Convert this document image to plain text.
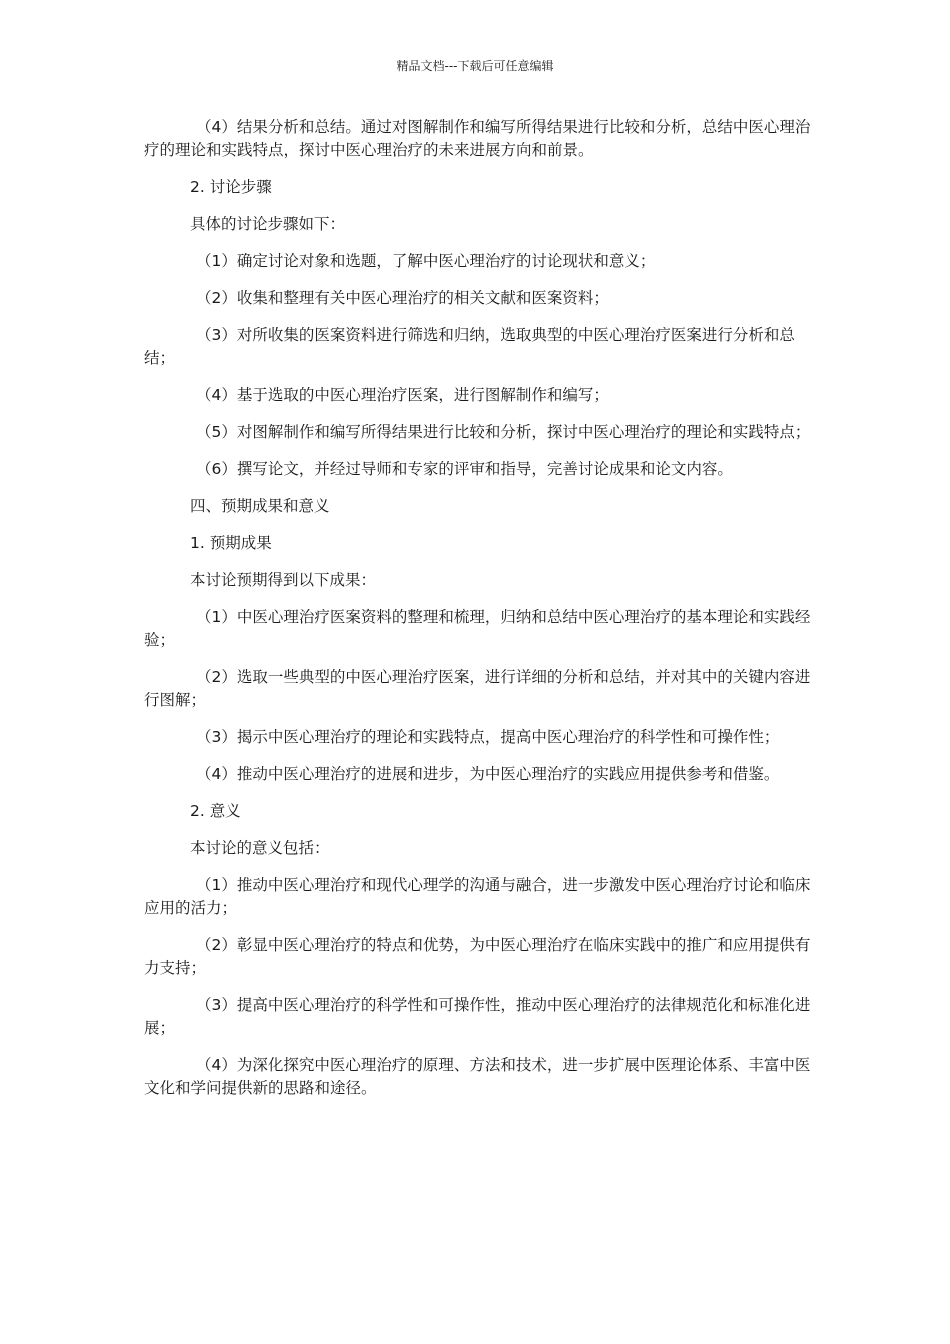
精品文档---下载后可任意编辑

（4）结果分析和总结。通过对图解制作和编写所得结果进行比较和分析，总结中医心理治疗的理论和实践特点，探讨中医心理治疗的未来进展方向和前景。

2. 讨论步骤

具体的讨论步骤如下：

（1）确定讨论对象和选题，了解中医心理治疗的讨论现状和意义；

（2）收集和整理有关中医心理治疗的相关文献和医案资料；

（3）对所收集的医案资料进行筛选和归纳，选取典型的中医心理治疗医案进行分析和总结；

（4）基于选取的中医心理治疗医案，进行图解制作和编写；

（5）对图解制作和编写所得结果进行比较和分析，探讨中医心理治疗的理论和实践特点；

（6）撰写论文，并经过导师和专家的评审和指导，完善讨论成果和论文内容。

四、预期成果和意义

1. 预期成果

本讨论预期得到以下成果：

（1）中医心理治疗医案资料的整理和梳理，归纳和总结中医心理治疗的基本理论和实践经验；

（2）选取一些典型的中医心理治疗医案，进行详细的分析和总结，并对其中的关键内容进行图解；

（3）揭示中医心理治疗的理论和实践特点，提高中医心理治疗的科学性和可操作性；

（4）推动中医心理治疗的进展和进步，为中医心理治疗的实践应用提供参考和借鉴。

2. 意义

本讨论的意义包括：

（1）推动中医心理治疗和现代心理学的沟通与融合，进一步激发中医心理治疗讨论和临床应用的活力；

（2）彰显中医心理治疗的特点和优势，为中医心理治疗在临床实践中的推广和应用提供有力支持；

（3）提高中医心理治疗的科学性和可操作性，推动中医心理治疗的法律规范化和标准化进展；

（4）为深化探究中医心理治疗的原理、方法和技术，进一步扩展中医理论体系、丰富中医文化和学问提供新的思路和途径。
